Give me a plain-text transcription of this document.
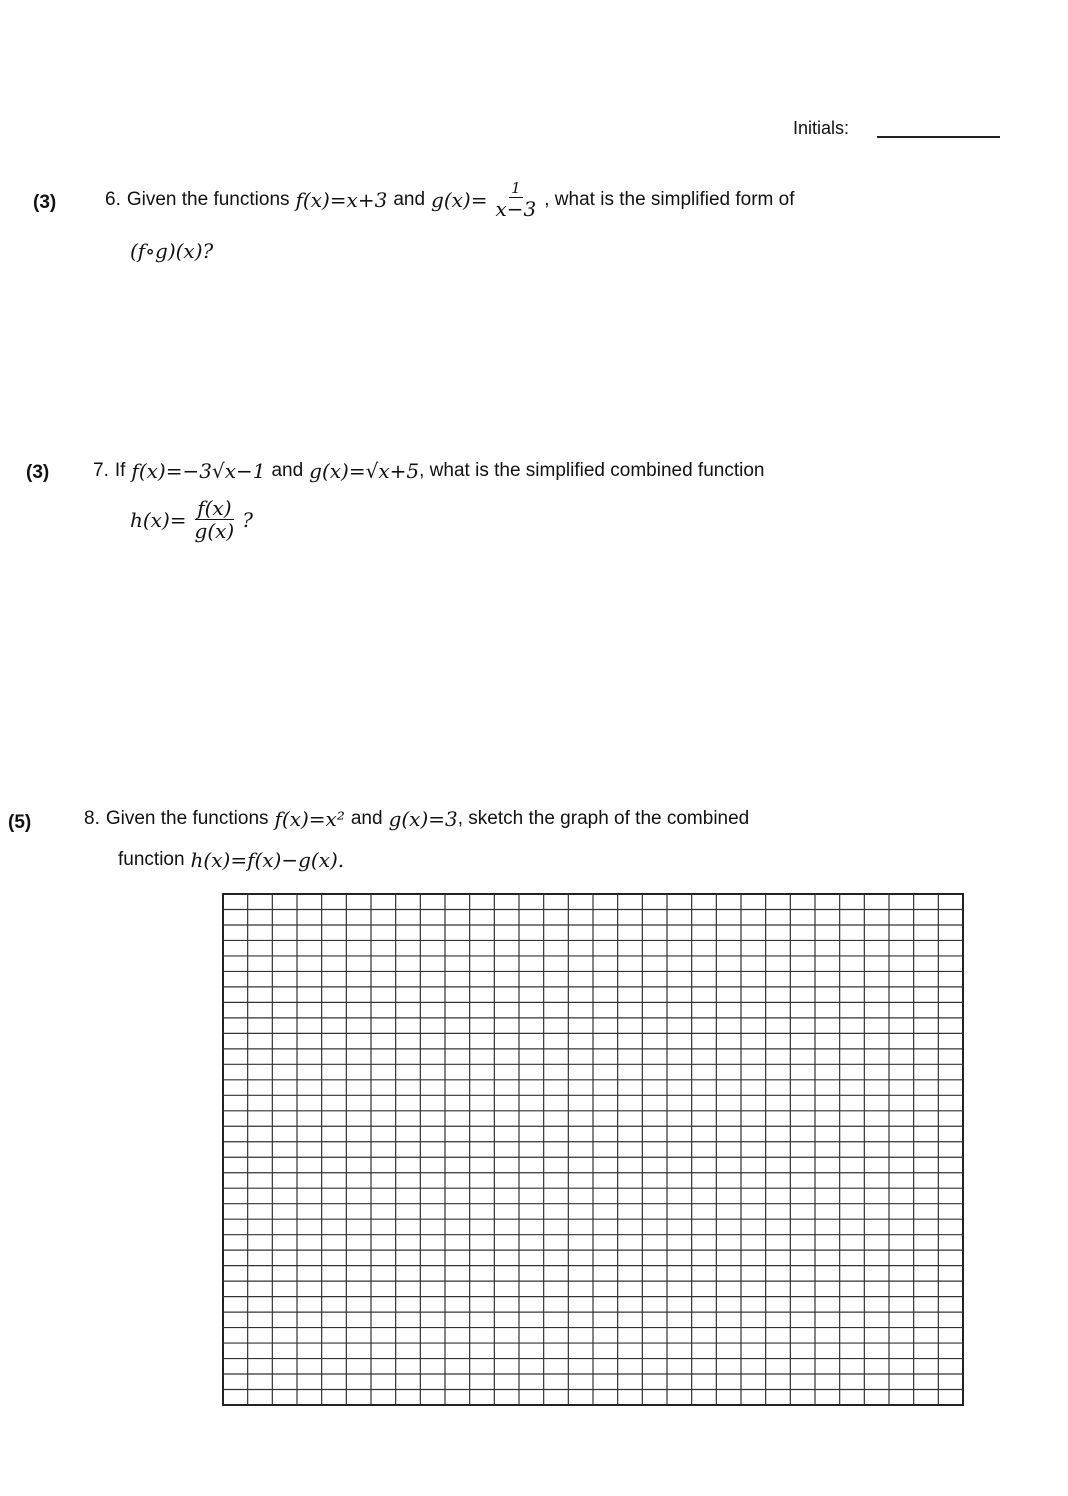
Initials:
(3)	6. Given the functions f(x)=x+3 and $g(x)= \frac{1}{x-3}$ , what is the simplified form of
(f∘g)(x)?
(3) 7. If f(x)=−3√x−1 and g(x)=√x+5 , what is the simplified combined function
$h(x)= \frac{f(x)}{g(x)}$ ?
(5)	8. Given the functions f(x)=x² and g(x)=3 , sketch the graph of the combined
function h(x)=f(x)−g(x).
